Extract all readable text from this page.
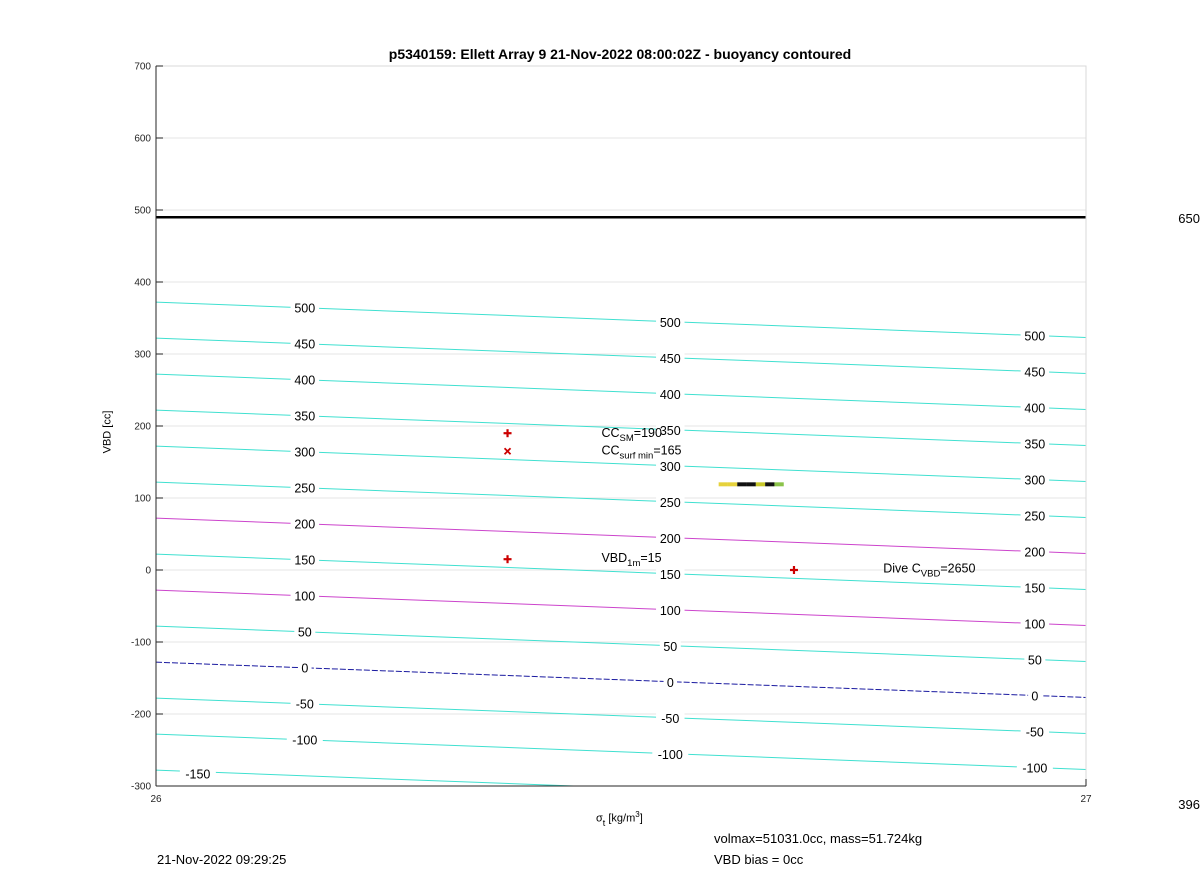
500
450
400
350
300
250
200
150
100
50
0
-50
-100
-150
500
450
400
350
300
250
200
150
100
50
0
-50
-100
500
450
400
350
300
250
200
150
100
50
0
-50
-100
$CC_{SM}=190$
$CC_{surf min}=165$
$VBD_{1m}=15$
Dive $C_{VBD}=2650$
700
600
500
400
300
200
100
0
-100
-200
-300
26	27
p5340159: Ellett Array 9 21-Nov-2022 08:00:02Z - buoyancy contoured
$\sigma_t$ $[kg/m^3]$
VBD [cc]
650
396
21-Nov-2022 09:29:25
volmax=51031.0cc, mass=51.724kg
VBD bias = 0cc
